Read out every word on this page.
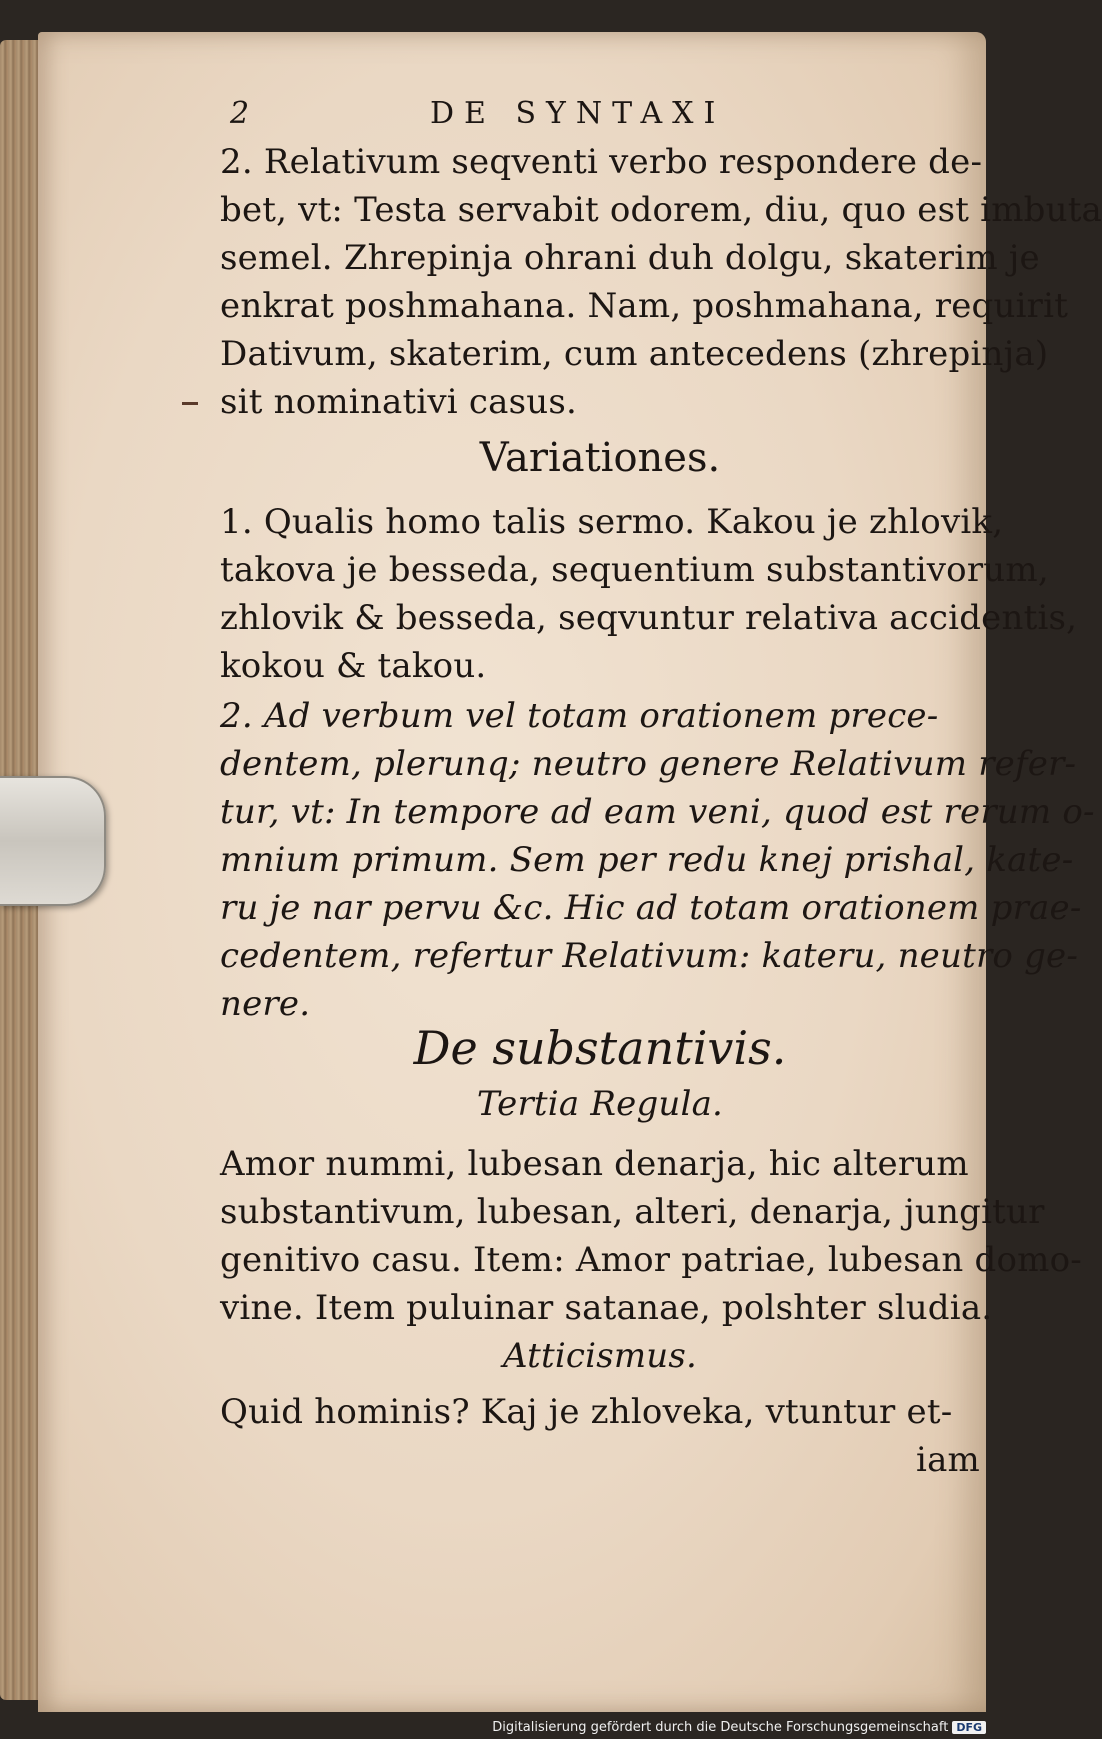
2	DE SYNTAXI
2. Relativum seqventi verbo respondere de-
bet, vt: Testa servabit odorem, diu, quo est imbuta
semel. Zhrepinja ohrani duh dolgu, skaterim je
enkrat poshmahana. Nam, poshmahana, requirit
Dativum, skaterim, cum antecedens (zhrepinja)
sit nominativi casus.
Variationes.
1. Qualis homo talis sermo. Kakou je zhlovik,
takova je besseda, sequentium substantivorum,
zhlovik & besseda, seqvuntur relativa accidentis,
kokou & takou.
2. Ad verbum vel totam orationem prece-
dentem, plerunq; neutro genere Relativum refer-
tur, vt: In tempore ad eam veni, quod est rerum o-
mnium primum. Sem per redu knej prishal, kate-
ru je nar pervu &c. Hic ad totam orationem prae-
cedentem, refertur Relativum: kateru, neutro ge-
nere.
De substantivis.
Tertia Regula.
Amor nummi, lubesan denarja, hic alterum
substantivum, lubesan, alteri, denarja, jungitur
genitivo casu. Item: Amor patriae, lubesan domo-
vine. Item puluinar satanae, polshter sludia.
Atticismus.
Quid hominis? Kaj je zhloveka, vtuntur et-
iam
Digitalisierung gefördert durch die Deutsche Forschungsgemeinschaft DFG
